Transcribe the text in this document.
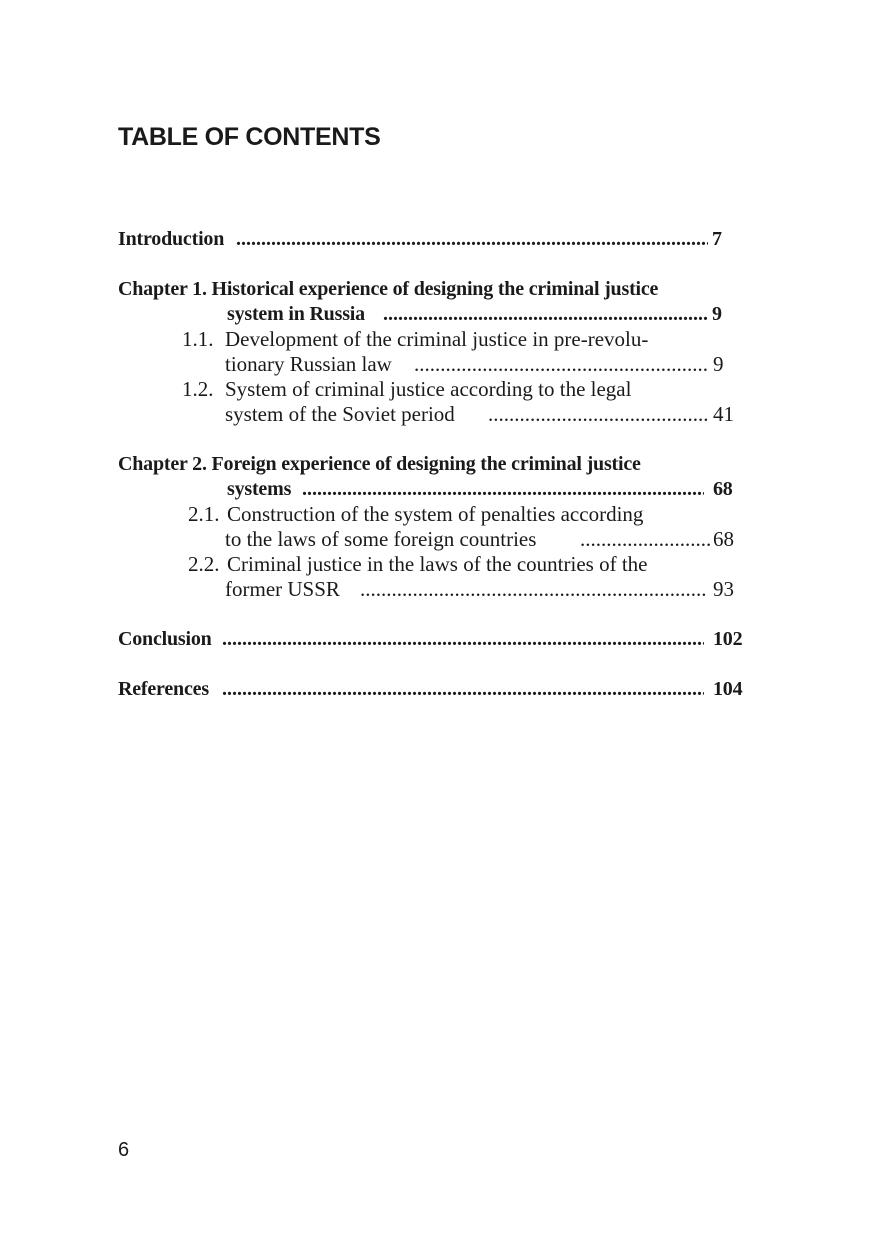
TABLE OF CONTENTS
Introduction .....	7
Chapter 1. Historical experience of designing the criminal justice
system in Russia .....	9
1.1. Development of the criminal justice in pre-revolu-
tionary Russian law .....	9
1.2. System of criminal justice according to the legal
system of the Soviet period .....	41
Chapter 2. Foreign experience of designing the criminal justice
systems .....	68
2.1. Construction of the system of penalties according
to the laws of some foreign countries .....	68
2.2. Criminal justice in the laws of the countries of the
former USSR .....	93
Conclusion .....	102
References .....	104
6
